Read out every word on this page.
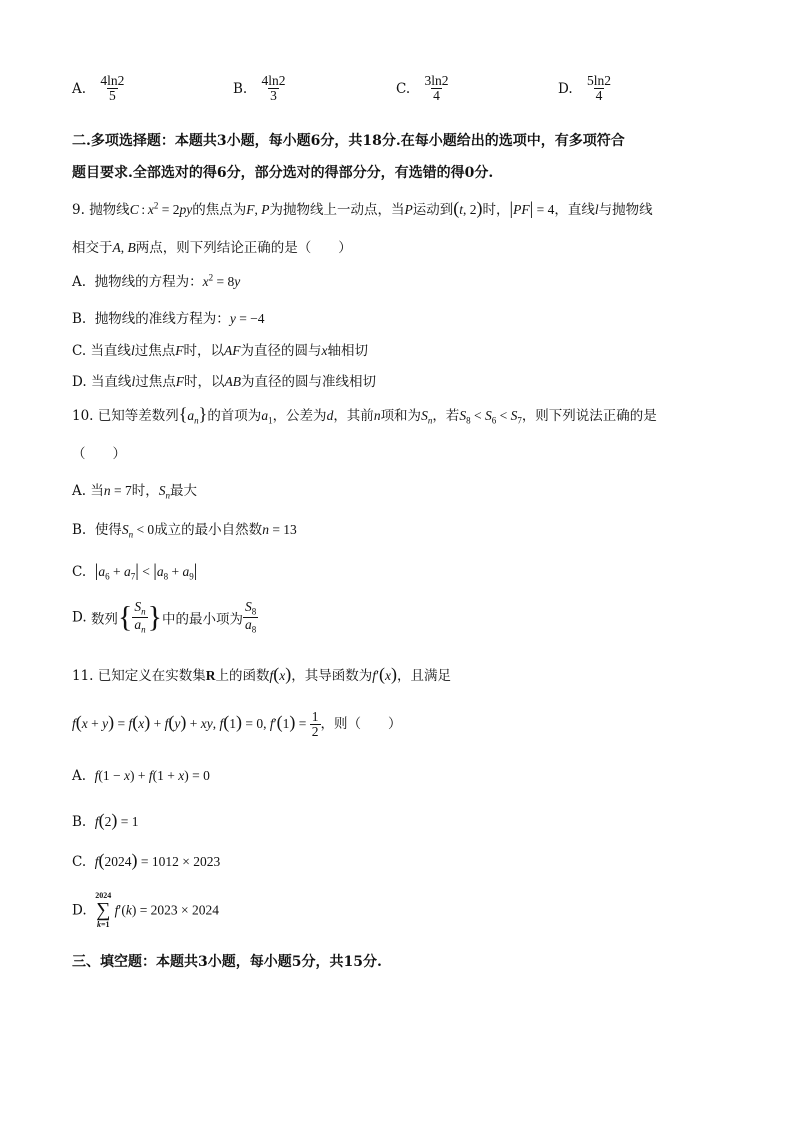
A. $\frac{4\ln 2}{5}$	B. $\frac{4\ln 2}{3}$	C. $\frac{3\ln 2}{4}$	D. $\frac{5\ln 2}{4}$
二.多项选择题：本题共3小题，每小题6分，共18分.在每小题给出的选项中，有多项符合
题目要求.全部选对的得6分，部分选对的得部分分，有选错的得0分.
9. 抛物线C : $x^2 = 2py$的焦点为F, P为抛物线上一动点，当P运动到(t, 2)时，|PF| = 4，直线l与抛物线
相交于A, B两点，则下列结论正确的是（　　）
A. 抛物线的方程为：$x^2 = 8y$
B. 抛物线的准线方程为：y = −4
C. 当直线l过焦点F时，以AF为直径的圆与x轴相切
D. 当直线l过焦点F时，以AB为直径的圆与准线相切
10. 已知等差数列$\{a_n\}$的首项为$a_1$，公差为d，其前n项和为$S_n$，若$S_8 < S_6 < S_7$，则下列说法正确的是
（　　）
A. 当n = 7时，$S_n$最大
B. 使得$S_n < 0$成立的最小自然数n = 13
C. $|a_6 + a_7| < |a_8 + a_9|$
D. 数列{ $\frac{S_n}{a_n}$ }中的最小项为 $\frac{S_8}{a_8}$
11. 已知定义在实数集R上的函数f(x)，其导函数为f′(x)，且满足
f(x + y) = f(x) + f(y) + xy, f(1) = 0, $f'(1) = \frac{1}{2}$ ，则（　　）
A. f(1 − x) + f(1 + x) = 0
B. f(2) = 1
C. f(2024) = 1012 × 2023
D.
2024
∑
k=1
f′(k) = 2023 × 2024
三、填空题：本题共3小题，每小题5分，共15分.
